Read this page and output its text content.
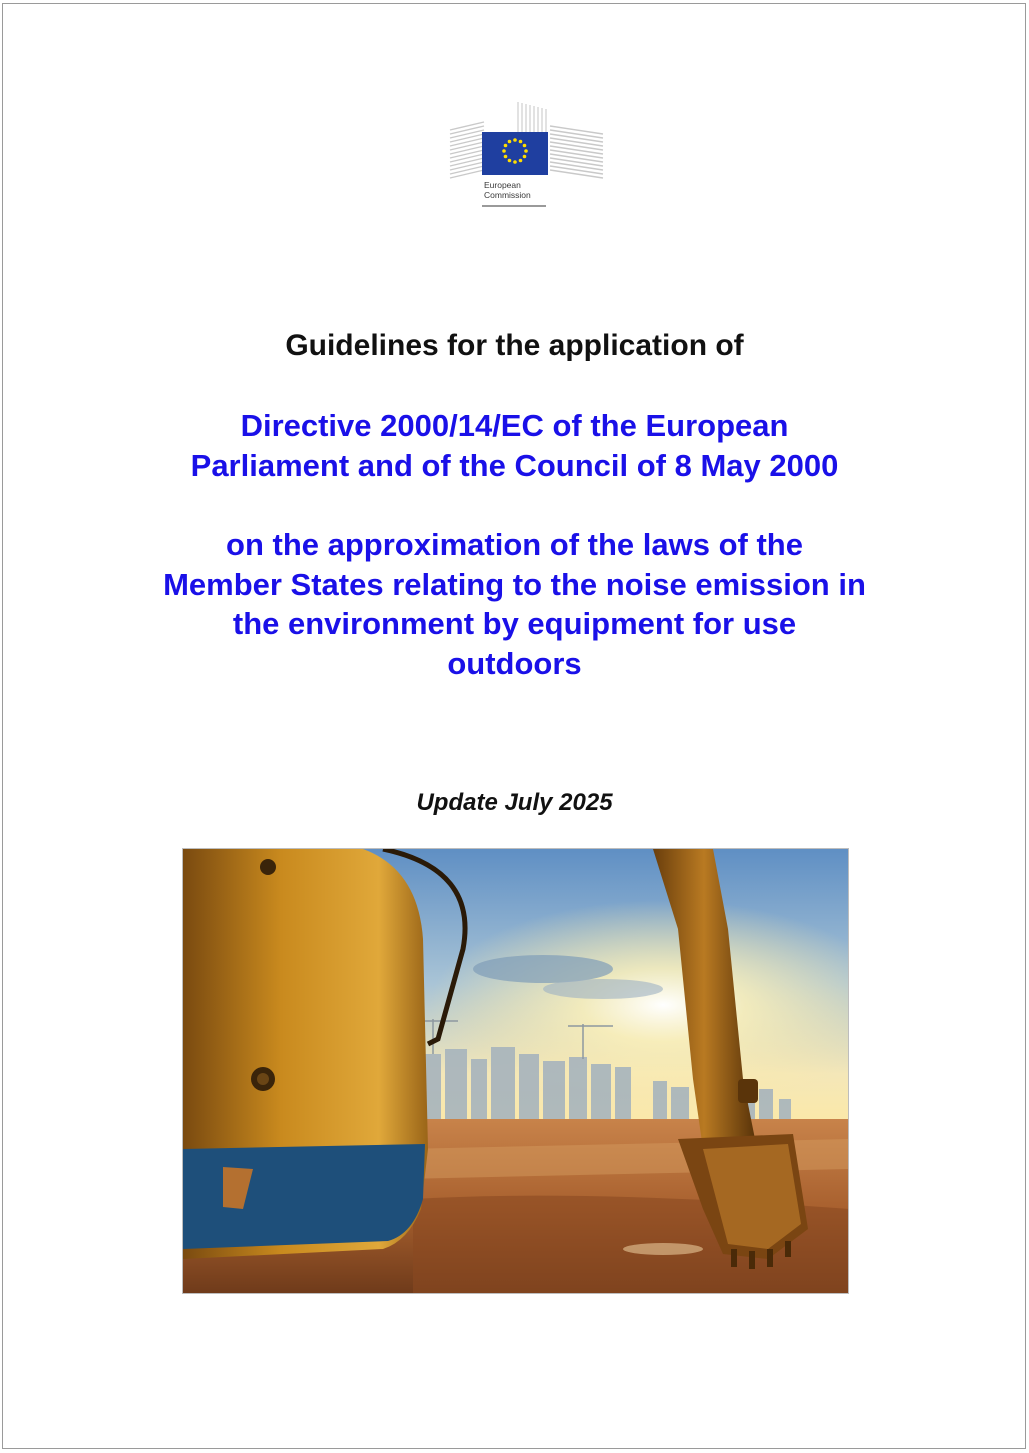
European
Commission
Guidelines for the application of
Directive 2000/14/EC of the European
Parliament and of the Council of 8 May 2000
on the approximation of the laws of the
Member States relating to the noise emission in
the environment by equipment for use
outdoors
Update July 2025
